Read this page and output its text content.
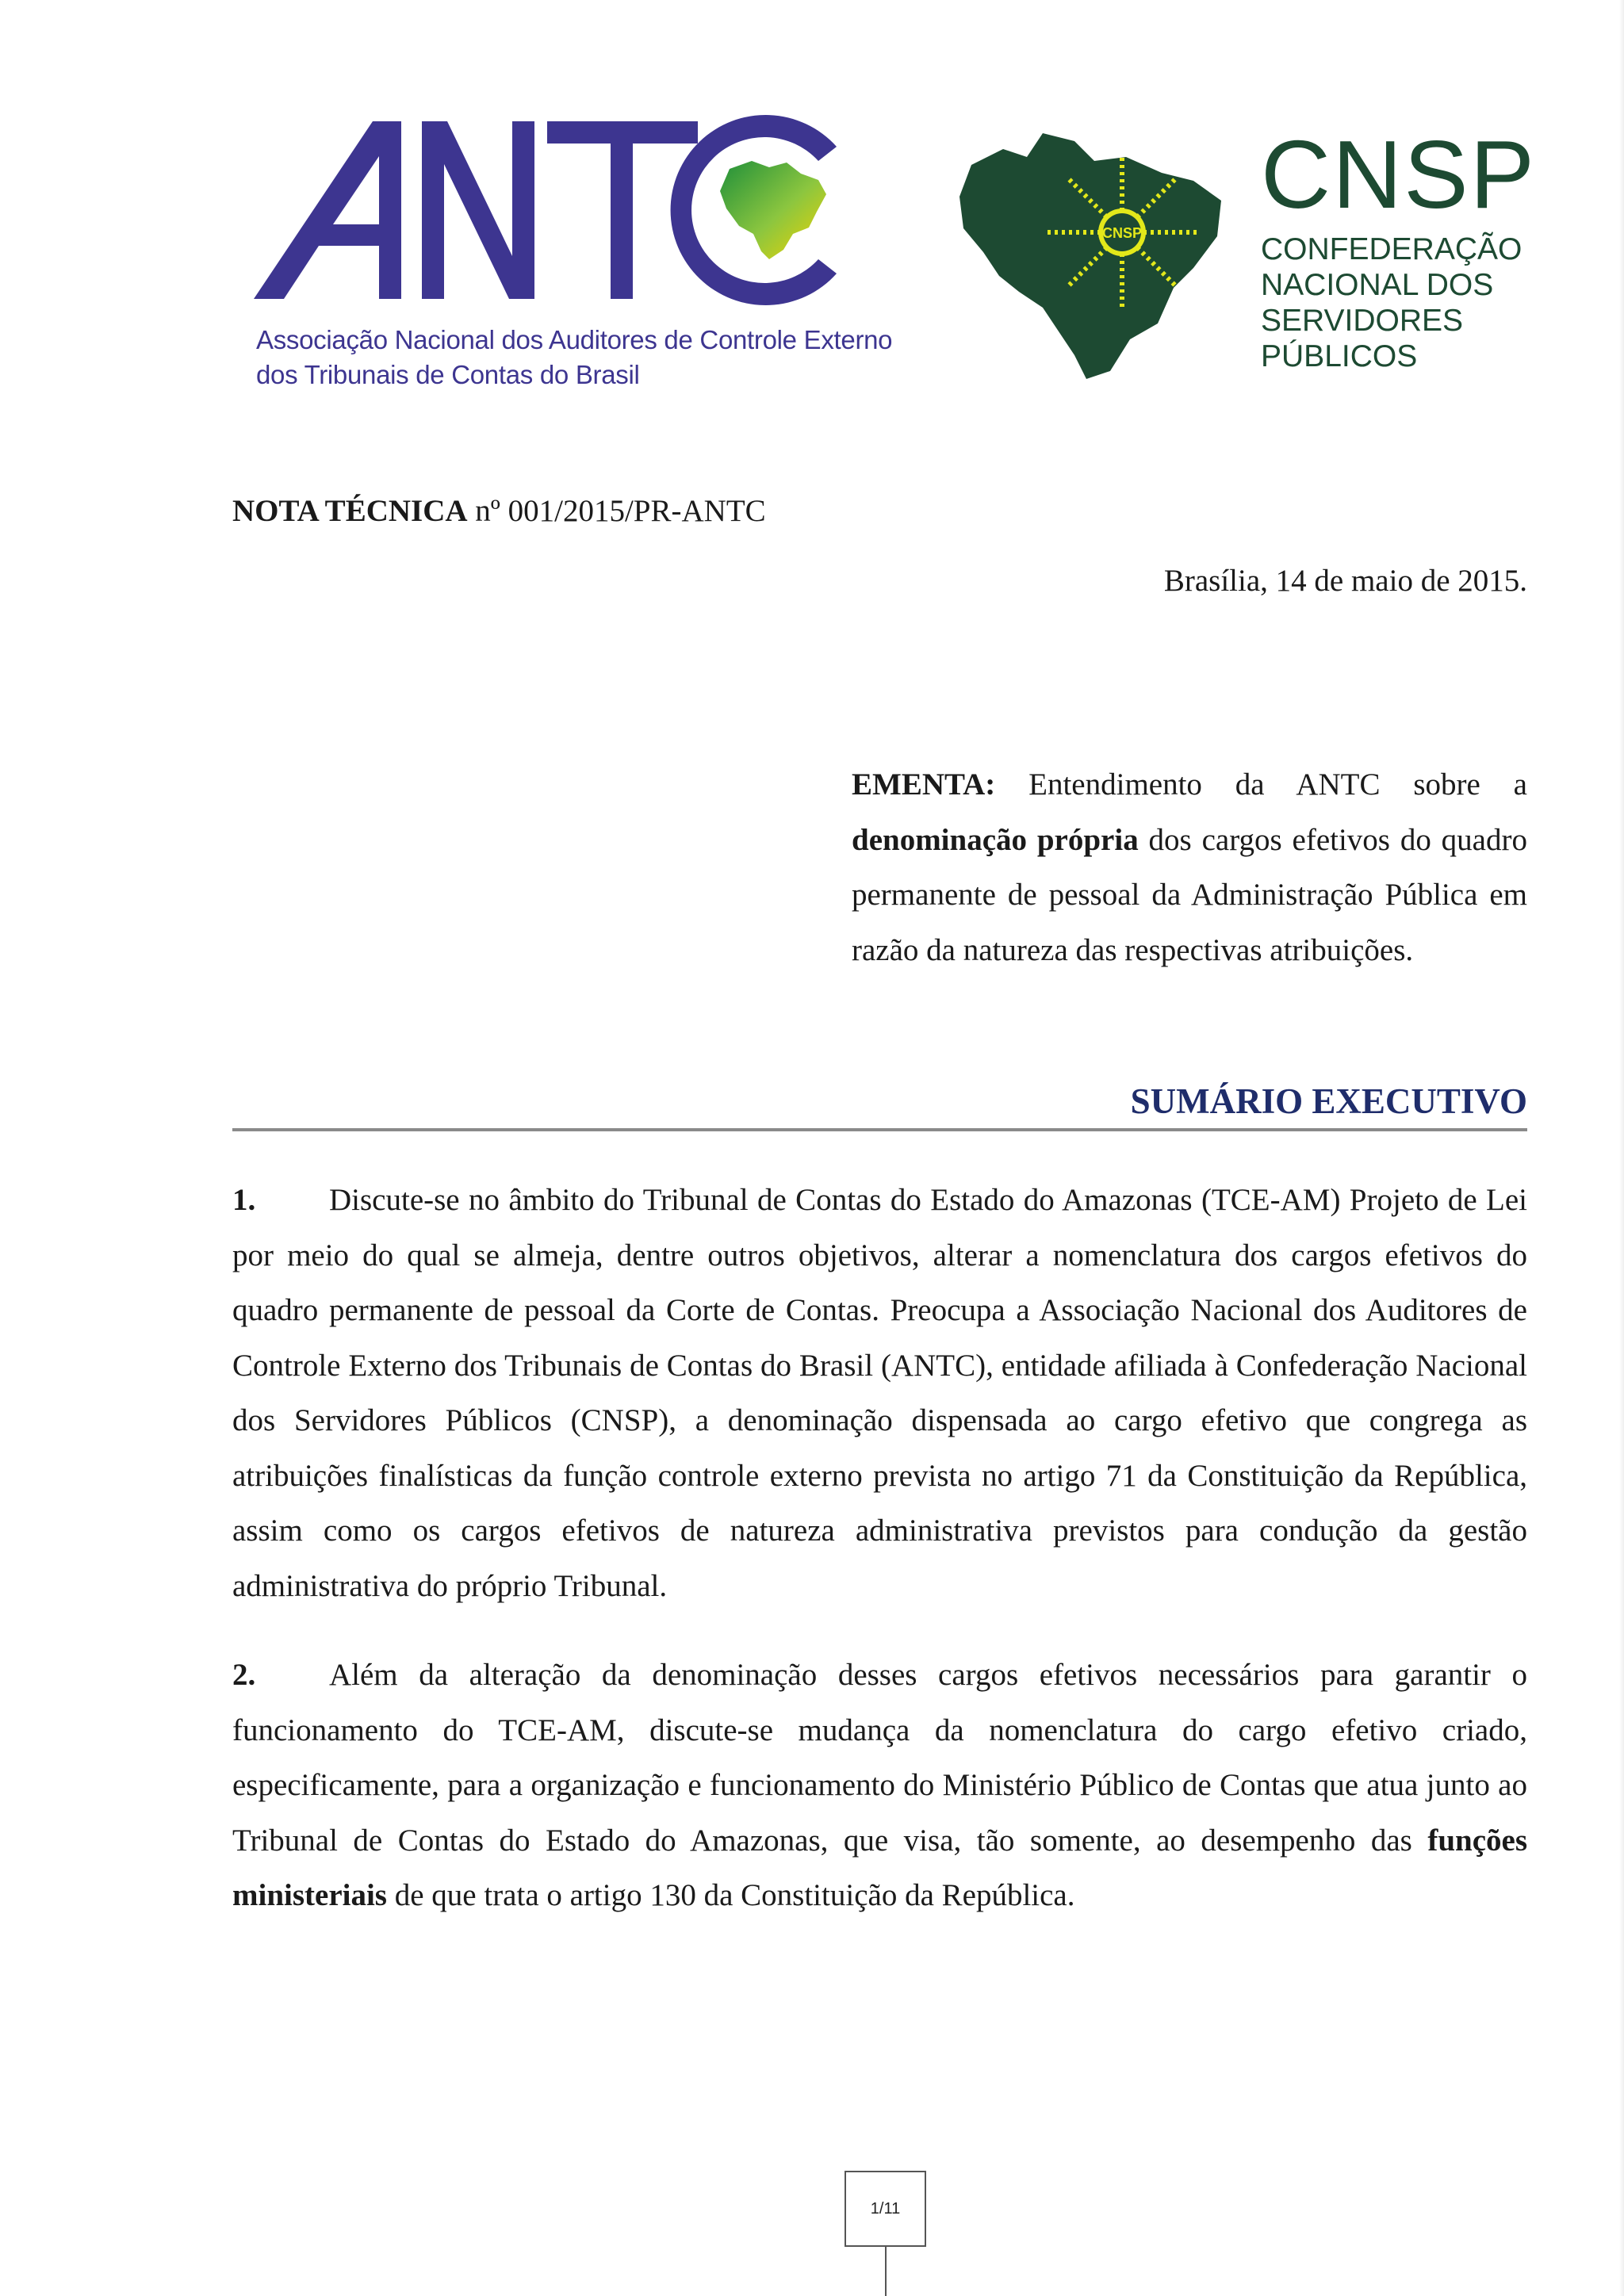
Associação Nacional dos Auditores de Controle Externo
dos Tribunais de Contas do Brasil
CNSP
CNSP
CONFEDERAÇÃO
NACIONAL DOS
SERVIDORES
PÚBLICOS
NOTA TÉCNICA nº 001/2015/PR-ANTC
Brasília, 14 de maio de 2015.
EMENTA: Entendimento da ANTC sobre a denominação própria dos cargos efetivos do quadro permanente de pessoal da Administração Pública em razão da natureza das respectivas atribuições.
SUMÁRIO EXECUTIVO
1. Discute-se no âmbito do Tribunal de Contas do Estado do Amazonas (TCE-AM) Projeto de Lei por meio do qual se almeja, dentre outros objetivos, alterar a nomenclatura dos cargos efetivos do quadro permanente de pessoal da Corte de Contas. Preocupa a Associação Nacional dos Auditores de Controle Externo dos Tribunais de Contas do Brasil (ANTC), entidade afiliada à Confederação Nacional dos Servidores Públicos (CNSP), a denominação dispensada ao cargo efetivo que congrega as atribuições finalísticas da função controle externo prevista no artigo 71 da Constituição da República, assim como os cargos efetivos de natureza administrativa previstos para condução da gestão administrativa do próprio Tribunal.
2. Além da alteração da denominação desses cargos efetivos necessários para garantir o funcionamento do TCE-AM, discute-se mudança da nomenclatura do cargo efetivo criado, especificamente, para a organização e funcionamento do Ministério Público de Contas que atua junto ao Tribunal de Contas do Estado do Amazonas, que visa, tão somente, ao desempenho das funções ministeriais de que trata o artigo 130 da Constituição da República.
1/11
